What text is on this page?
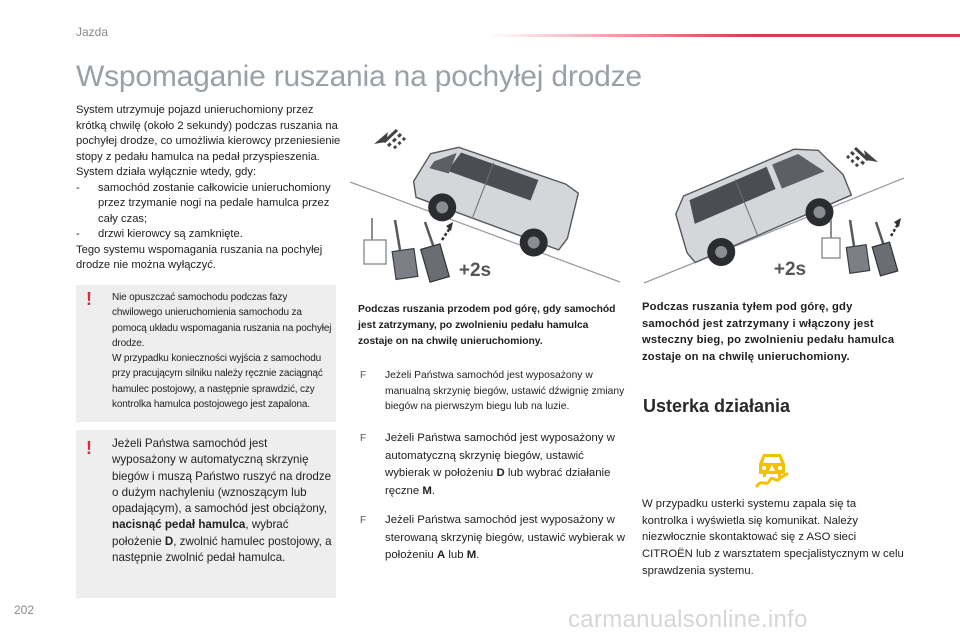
Jazda
Wspomaganie ruszania na pochyłej drodze

System utrzymuje pojazd unieruchomiony przez krótką chwilę (około 2 sekundy) podczas ruszania na pochyłej drodze, co umożliwia kierowcy przeniesienie stopy z pedału hamulca na pedał przyspieszenia.

System działa wyłącznie wtedy, gdy:

-	samochód zostanie całkowicie unieruchomiony przez trzymanie nogi na pedale hamulca przez cały czas;
-	drzwi kierowcy są zamknięte.

Tego systemu wspomagania ruszania na pochyłej drodze nie można wyłączyć.

!	Nie opuszczać samochodu podczas fazy chwilowego unieruchomienia samochodu za pomocą układu wspomagania ruszania na pochyłej drodze.

W przypadku konieczności wyjścia z samochodu przy pracującym silniku należy ręcznie zaciągnąć hamulec postojowy, a następnie sprawdzić, czy kontrolka hamulca postojowego jest zapalona.

!	Jeżeli Państwa samochód jest wyposażony w automatyczną skrzynię biegów i muszą Państwo ruszyć na drodze o dużym nachyleniu (wznoszącym lub opadającym), a samochód jest obciążony, nacisnąć pedał hamulca, wybrać położenie D, zwolnić hamulec postojowy, a następnie zwolnić pedał hamulca.
+2s	+2s
Podczas ruszania przodem pod górę, gdy samochód jest zatrzymany, po zwolnieniu pedału hamulca zostaje on na chwilę unieruchomiony.
Podczas ruszania tyłem pod górę, gdy samochód jest zatrzymany i włączony jest wsteczny bieg, po zwolnieniu pedału hamulca zostaje on na chwilę unieruchomiony.
F	Jeżeli Państwa samochód jest wyposażony w manualną skrzynię biegów, ustawić dźwignię zmiany biegów na pierwszym biegu lub na luzie.
F	Jeżeli Państwa samochód jest wyposażony w automatyczną skrzynię biegów, ustawić wybierak w położeniu D lub wybrać działanie ręczne M.
F	Jeżeli Państwa samochód jest wyposażony w sterowaną skrzynię biegów, ustawić wybierak w położeniu A lub M.
Usterka działania
W przypadku usterki systemu zapala się ta kontrolka i wyświetla się komunikat. Należy niezwłocznie skontaktować się z ASO sieci CITROËN lub z warsztatem specjalistycznym w celu sprawdzenia systemu.
202	carmanualsonline.info
